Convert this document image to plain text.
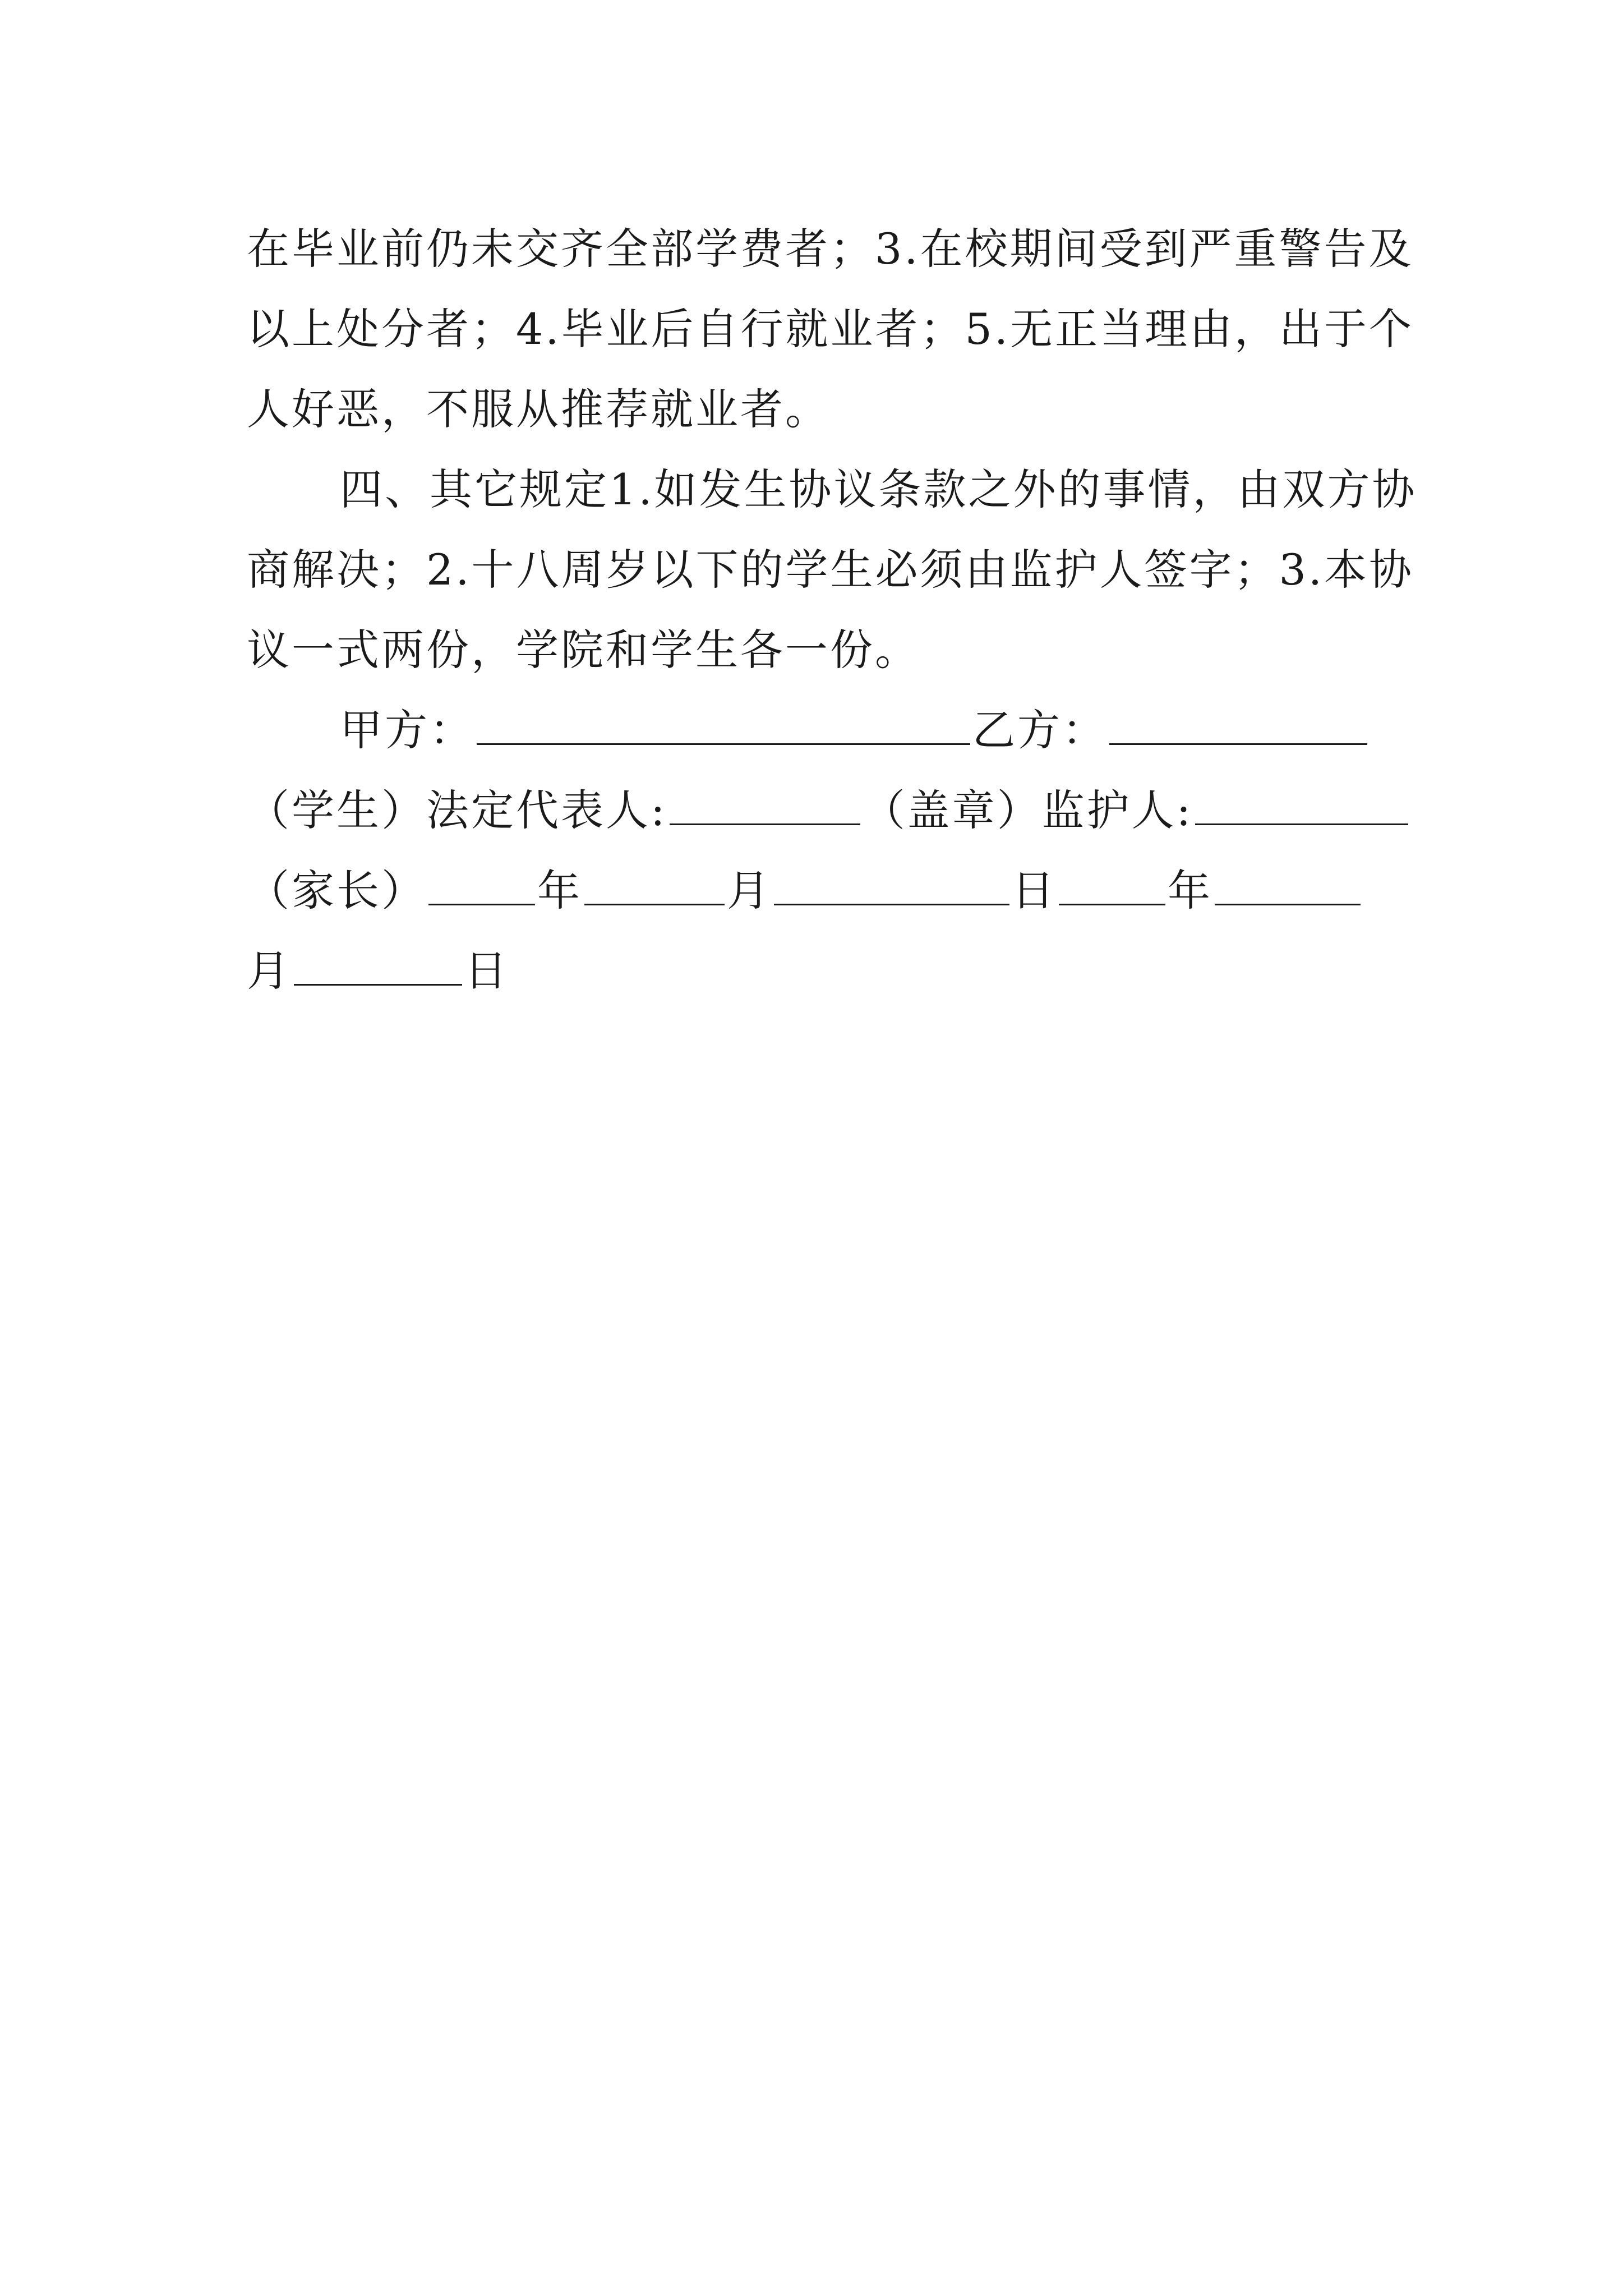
在毕业前仍未交齐全部学费者；3.在校期间受到严重警告及
以上处分者；4.毕业后自行就业者；5.无正当理由，出于个
人好恶，不服从推荐就业者。
四、其它规定1.如发生协议条款之外的事情，由双方协
商解决；2.十八周岁以下的学生必须由监护人签字；3.本协
议一式两份，学院和学生各一份。
甲方：	乙方：
（学生）法定代表人:	（盖章）监护人:
（家长）	年	月	日	年
月	日
